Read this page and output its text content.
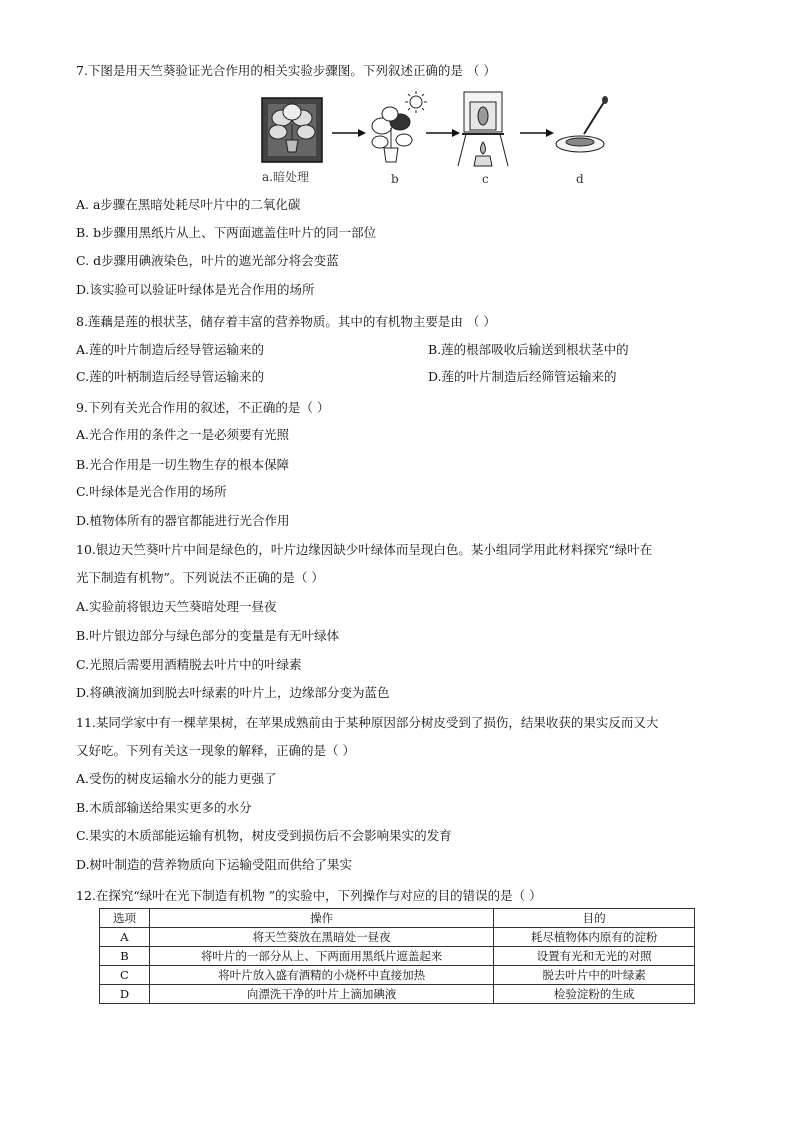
7.下图是用天竺葵验证光合作用的相关实验步骤图。下列叙述正确的是 （ ）
a.暗处理	b	c	d
A. a步骤在黑暗处耗尽叶片中的二氧化碳
B. b步骤用黑纸片从上、下两面遮盖住叶片的同一部位
C. d步骤用碘液染色，叶片的遮光部分将会变蓝
D.该实验可以验证叶绿体是光合作用的场所
8.莲藕是莲的根状茎，储存着丰富的营养物质。其中的有机物主要是由 （ ）
A.莲的叶片制造后经导管运输来的	B.莲的根部吸收后输送到根状茎中的
C.莲的叶柄制造后经导管运输来的	D.莲的叶片制造后经筛管运输来的
9.下列有关光合作用的叙述，不正确的是（ ）
A.光合作用的条件之一是必须要有光照
B.光合作用是一切生物生存的根本保障
C.叶绿体是光合作用的场所
D.植物体所有的器官都能进行光合作用
10.银边天竺葵叶片中间是绿色的，叶片边缘因缺少叶绿体而呈现白色。某小组同学用此材料探究“绿叶在
光下制造有机物”。下列说法不正确的是（ ）
A.实验前将银边天竺葵暗处理一昼夜
B.叶片银边部分与绿色部分的变量是有无叶绿体
C.光照后需要用酒精脱去叶片中的叶绿素
D.将碘液滴加到脱去叶绿素的叶片上，边缘部分变为蓝色
11.某同学家中有一棵苹果树，在苹果成熟前由于某种原因部分树皮受到了损伤，结果收获的果实反而又大
又好吃。下列有关这一现象的解释，正确的是（ ）
A.受伤的树皮运输水分的能力更强了
B.木质部输送给果实更多的水分
C.果实的木质部能运输有机物，树皮受到损伤后不会影响果实的发育
D.树叶制造的营养物质向下运输受阻而供给了果实
12.在探究“绿叶在光下制造有机物 ”的实验中，下列操作与对应的目的错误的是（ ）
选项	操作	目的
A	将天竺葵放在黑暗处一昼夜	耗尽植物体内原有的淀粉
B	将叶片的一部分从上、下两面用黑纸片遮盖起来	设置有光和无光的对照
C	将叶片放入盛有酒精的小烧杯中直接加热	脱去叶片中的叶绿素
D	向漂洗干净的叶片上滴加碘液	检验淀粉的生成
